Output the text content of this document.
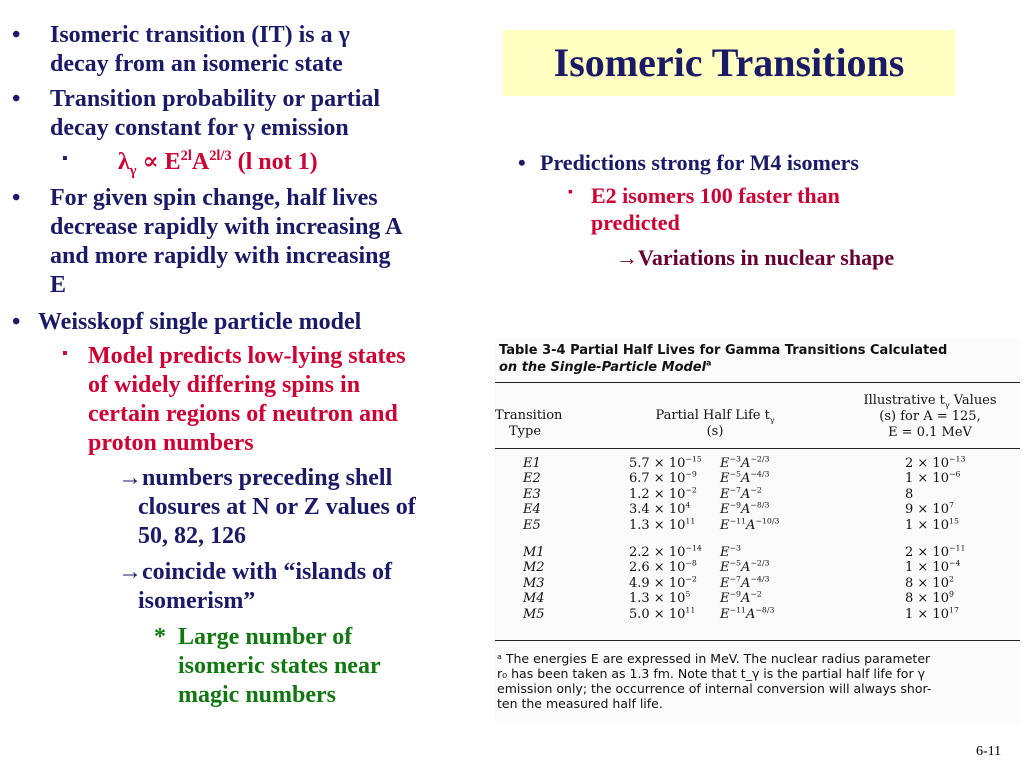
Isomeric Transitions
• Isomeric transition (IT) is a γ
decay from an isomeric state
• Transition probability or partial
decay constant for γ emission
▪ $\lambda_\gamma \propto E^{2l}A^{2l/3}$ (l not 1)
• For given spin change, half lives
decrease rapidly with increasing A
and more rapidly with increasing
E
• Weisskopf single particle model
▪ Model predicts low-lying states
of widely differing spins in
certain regions of neutron and
proton numbers
→numbers preceding shell
closures at N or Z values of
50, 82, 126
→coincide with “islands of
isomerism”
* Large number of
isomeric states near
magic numbers
• Predictions strong for M4 isomers
▪ E2 isomers 100 faster than
predicted
→Variations in nuclear shape
Table 3-4 Partial Half Lives for Gamma Transitions Calculated
on the Single-Particle Model$^a$
Transition
Type
Partial Half Life $t_\gamma$
(s)
Illustrative $t_\gamma$ Values
(s) for A = 125,
E = 0.1 MeV
E1	$5.7 \times 10^{-15}$ $E^{-3}A^{-2/3}$	$2 \times 10^{-13}$
E2	$6.7 \times 10^{-9}$ $E^{-5}A^{-4/3}$	$1 \times 10^{-6}$
E3	$1.2 \times 10^{-2}$ $E^{-7}A^{-2}$	8
E4	$3.4 \times 10^4$ $E^{-9}A^{-8/3}$	$9 \times 10^7$
E5	$1.3 \times 10^{11}$ $E^{-11}A^{-10/3}$	$1 \times 10^{15}$
M1	$2.2 \times 10^{-14}$ $E^{-3}$	$2 \times 10^{-11}$
M2	$2.6 \times 10^{-8}$ $E^{-5}A^{-2/3}$	$1 \times 10^{-4}$
M3	$4.9 \times 10^{-2}$ $E^{-7}A^{-4/3}$	$8 \times 10^2$
M4	$1.3 \times 10^5$ $E^{-9}A^{-2}$	$8 \times 10^9$
M5	$5.0 \times 10^{11}$ $E^{-11}A^{-8/3}$	$1 \times 10^{17}$
ᵃ The energies E are expressed in MeV. The nuclear radius parameter
r₀ has been taken as 1.3 fm. Note that t_γ is the partial half life for γ
emission only; the occurrence of internal conversion will always shor-
ten the measured half life.
6-11
